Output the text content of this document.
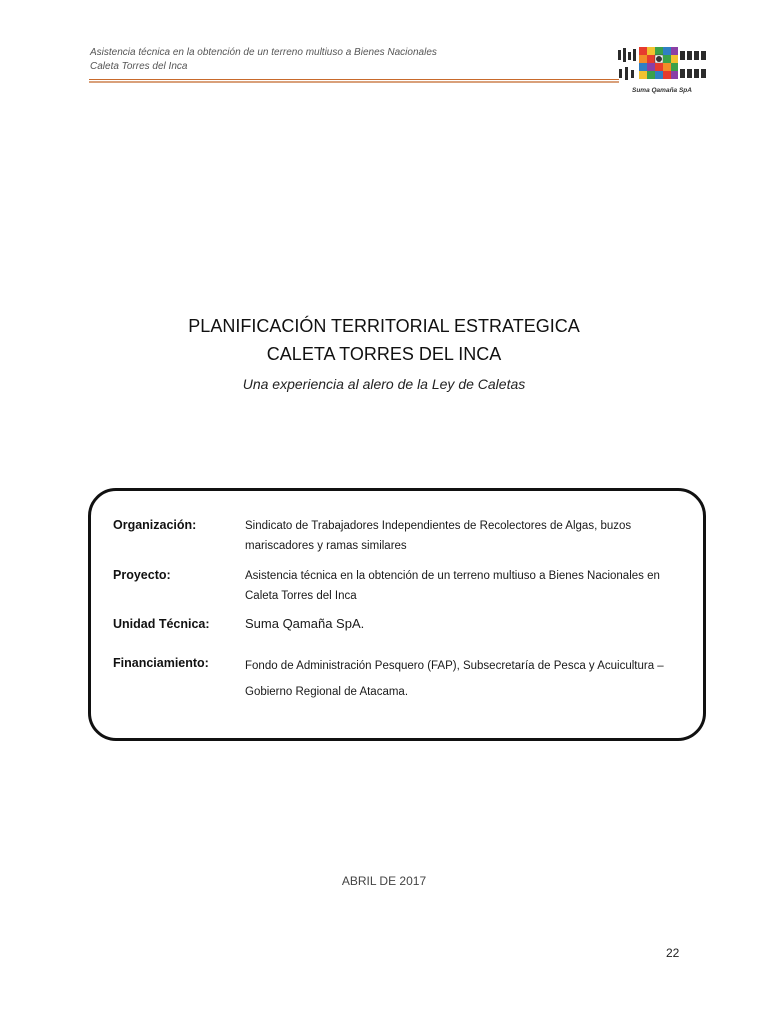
Asistencia técnica en la obtención de un terreno multiuso a Bienes Nacionales
Caleta Torres del Inca
Suma Qamaña SpA
PLANIFICACIÓN TERRITORIAL ESTRATEGICA
CALETA TORRES DEL INCA
Una experiencia al alero de la Ley de Caletas
Organización:	Sindicato de Trabajadores Independientes de Recolectores de Algas, buzos mariscadores y ramas similares
Proyecto:	Asistencia técnica en la obtención de un terreno multiuso a Bienes Nacionales en Caleta Torres del Inca
Unidad Técnica:	Suma Qamaña SpA.
Financiamiento:	Fondo de Administración Pesquero (FAP), Subsecretaría de Pesca y Acuicultura – Gobierno Regional de Atacama.
ABRIL DE 2017
22
